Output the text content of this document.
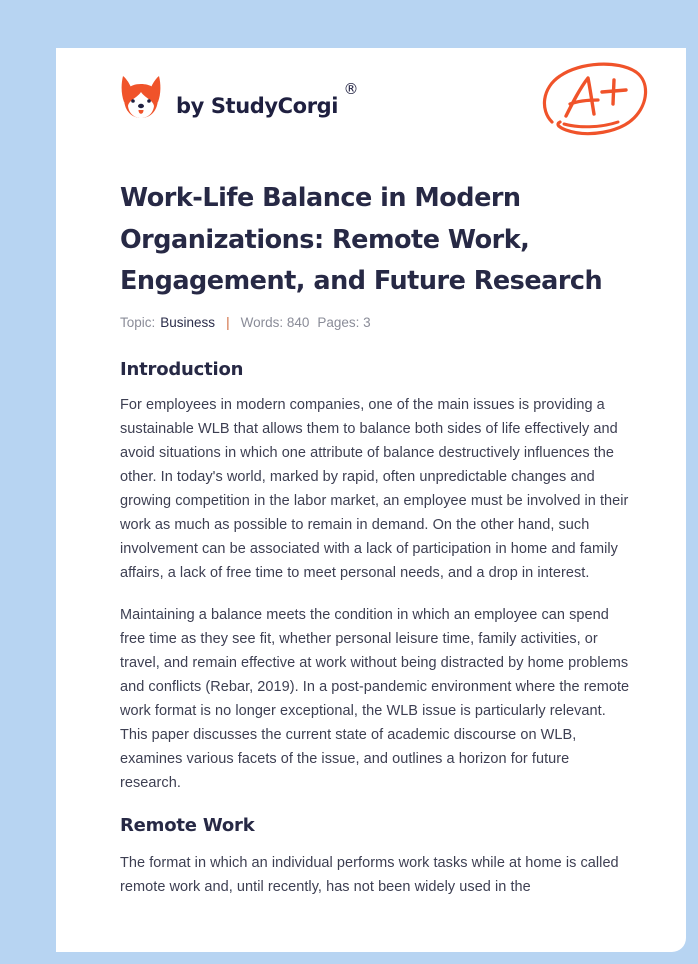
by StudyCorgi
®
Work-Life Balance in Modern Organizations: Remote Work, Engagement, and Future Research
Topic: Business | Words: 840 Pages: 3
Introduction

For employees in modern companies, one of the main issues is providing a sustainable WLB that allows them to balance both sides of life effectively and avoid situations in which one attribute of balance destructively influences the other. In today's world, marked by rapid, often unpredictable changes and growing competition in the labor market, an employee must be involved in their work as much as possible to remain in demand. On the other hand, such involvement can be associated with a lack of participation in home and family affairs, a lack of free time to meet personal needs, and a drop in interest.

Maintaining a balance meets the condition in which an employee can spend free time as they see fit, whether personal leisure time, family activities, or travel, and remain effective at work without being distracted by home problems and conflicts (Rebar, 2019). In a post-pandemic environment where the remote work format is no longer exceptional, the WLB issue is particularly relevant. This paper discusses the current state of academic discourse on WLB, examines various facets of the issue, and outlines a horizon for future research.

Remote Work

The format in which an individual performs work tasks while at home is called remote work and, until recently, has not been widely used in the
